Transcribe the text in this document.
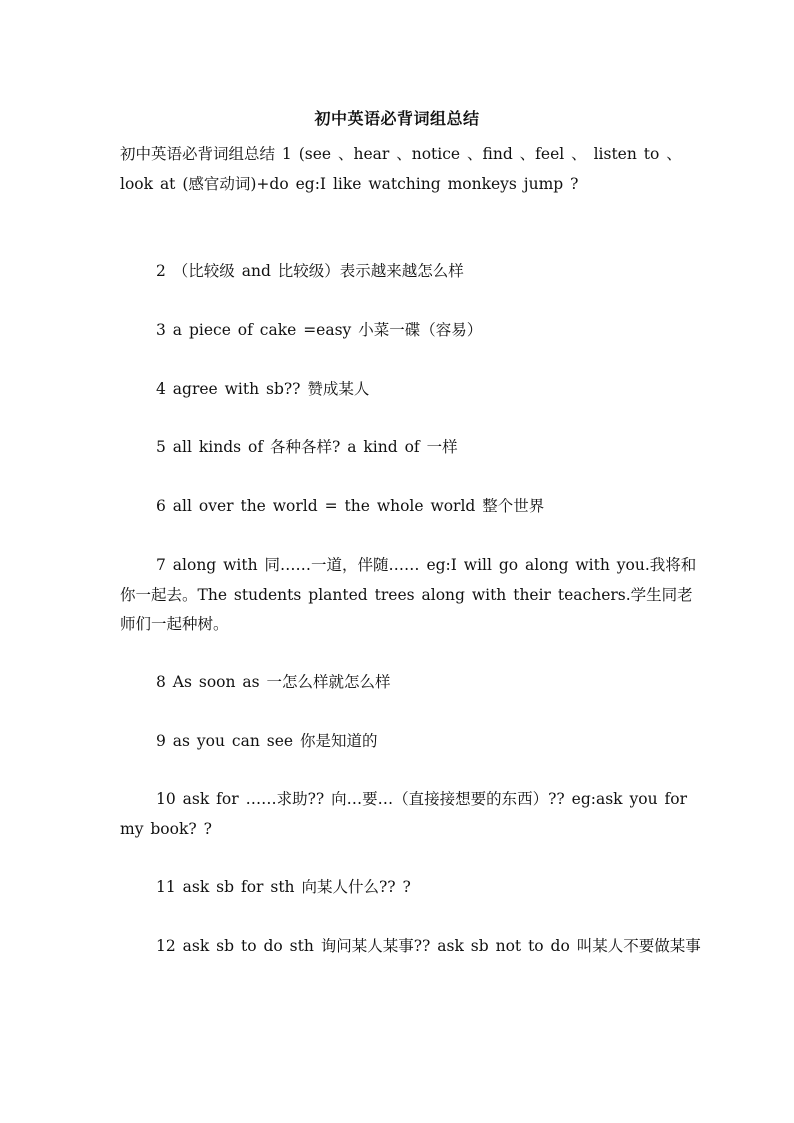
初中英语必背词组总结

初中英语必背词组总结 1 (see 、hear 、notice 、find 、feel 、 listen to 、 look at (感官动词)+do eg:I like watching monkeys jump ?

2 （比较级 and 比较级）表示越来越怎么样

3 a piece of cake =easy 小菜一碟（容易）

4 agree with sb?? 赞成某人

5 all kinds of 各种各样? a kind of 一样

6 all over the world = the whole world 整个世界

7 along with 同……一道，伴随…… eg:I will go along with you.我将和你一起去。The students planted trees along with their teachers.学生同老师们一起种树。

8 As soon as 一怎么样就怎么样

9 as you can see 你是知道的

10 ask for ……求助?? 向…要…（直接接想要的东西）?? eg:ask you for my book? ?

11 ask sb for sth 向某人什么?? ?

12 ask sb to do sth 询问某人某事?? ask sb not to do 叫某人不要做某事
